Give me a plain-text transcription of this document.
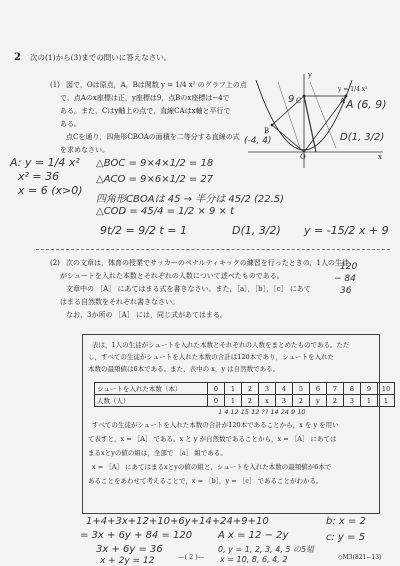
2 次の(1)から(3)までの問いに答えなさい。
(1) 図で，Oは原点，A，Bは関数 y = 1/4 x² のグラフ上の点
で，点Aのx座標は正，y座標は9，点Bのx座標は−4で
ある。また，Cはy軸上の点で，直線CAはx軸と平行で
ある。
点Cを通り，四角形CBOAの面積を二等分する直線の式
を求めなさい。
y = 1/4 x²
A
B
C
O	x
y
9	A (6, 9)
(-4, 4)	D(1, 3/2)
A: y = 1/4 x²
x² = 36
x = 6 (x>0)
△BOC = 9×4×1/2 = 18
△ACO = 9×6×1/2 = 27
四角形CBOAは 45 → 半分は 45/2 (22.5)
△COD = 45/4 = 1/2 × 9 × t
9t/2 = 9/2 t = 1	D(1, 3/2) y = -15/2 x + 9
(2) 次の文章は，体育の授業でサッカーのペナルティキックの練習を行ったときの，1人の生徒
がシュートを入れた本数とそれぞれの人数について述べたものである。
文章中の ［A］ にあてはまる式を書きなさい。また，［a］，［b］，［c］ にあて
はまる自然数をそれぞれ書きなさい。
なお，3か所の ［A］ には，同じ式があてはまる。
120
− 84
36
表は，1人の生徒がシュートを入れた本数とそれぞれの人数をまとめたものである。ただ
し，すべての生徒がシュートを入れた本数の合計は120本であり，シュートを入れた
本数の最頻値は6本である。また，表中の x，y は自然数である。
シュートを入れた本数（本）	0	1	2	3	4	5	6	7	8	9	10
人数（人）	0	1	2	x	3	2	y	2	3	1	1
1 4 12 15 12 ?? 14 24 9 10
すべての生徒がシュートを入れた本数の合計が120本であることから，x を y を用い
て表すと，x = ［A］ である。x と y が自然数であることから，x = ［A］ にあては
まるxとyの値の組は，全部で ［a］ 組である。
x = ［A］ にあてはまるxとyの値の組と，シュートを入れた本数の最頻値が6本で
あることをあわせて考えることで，x = ［b］，y = ［c］ であることがわかる。
1+4+3x+12+10+6y+14+24+9+10
= 3x + 6y + 84 = 120
3x + 6y = 36
x + 2y = 12
A x = 12 − 2y
0, y = 1, 2, 3, 4, 5 の5組
x = 10, 8, 6, 4, 2
b: x = 2
c: y = 5
—( 2 )—	◇M3(821−13)
